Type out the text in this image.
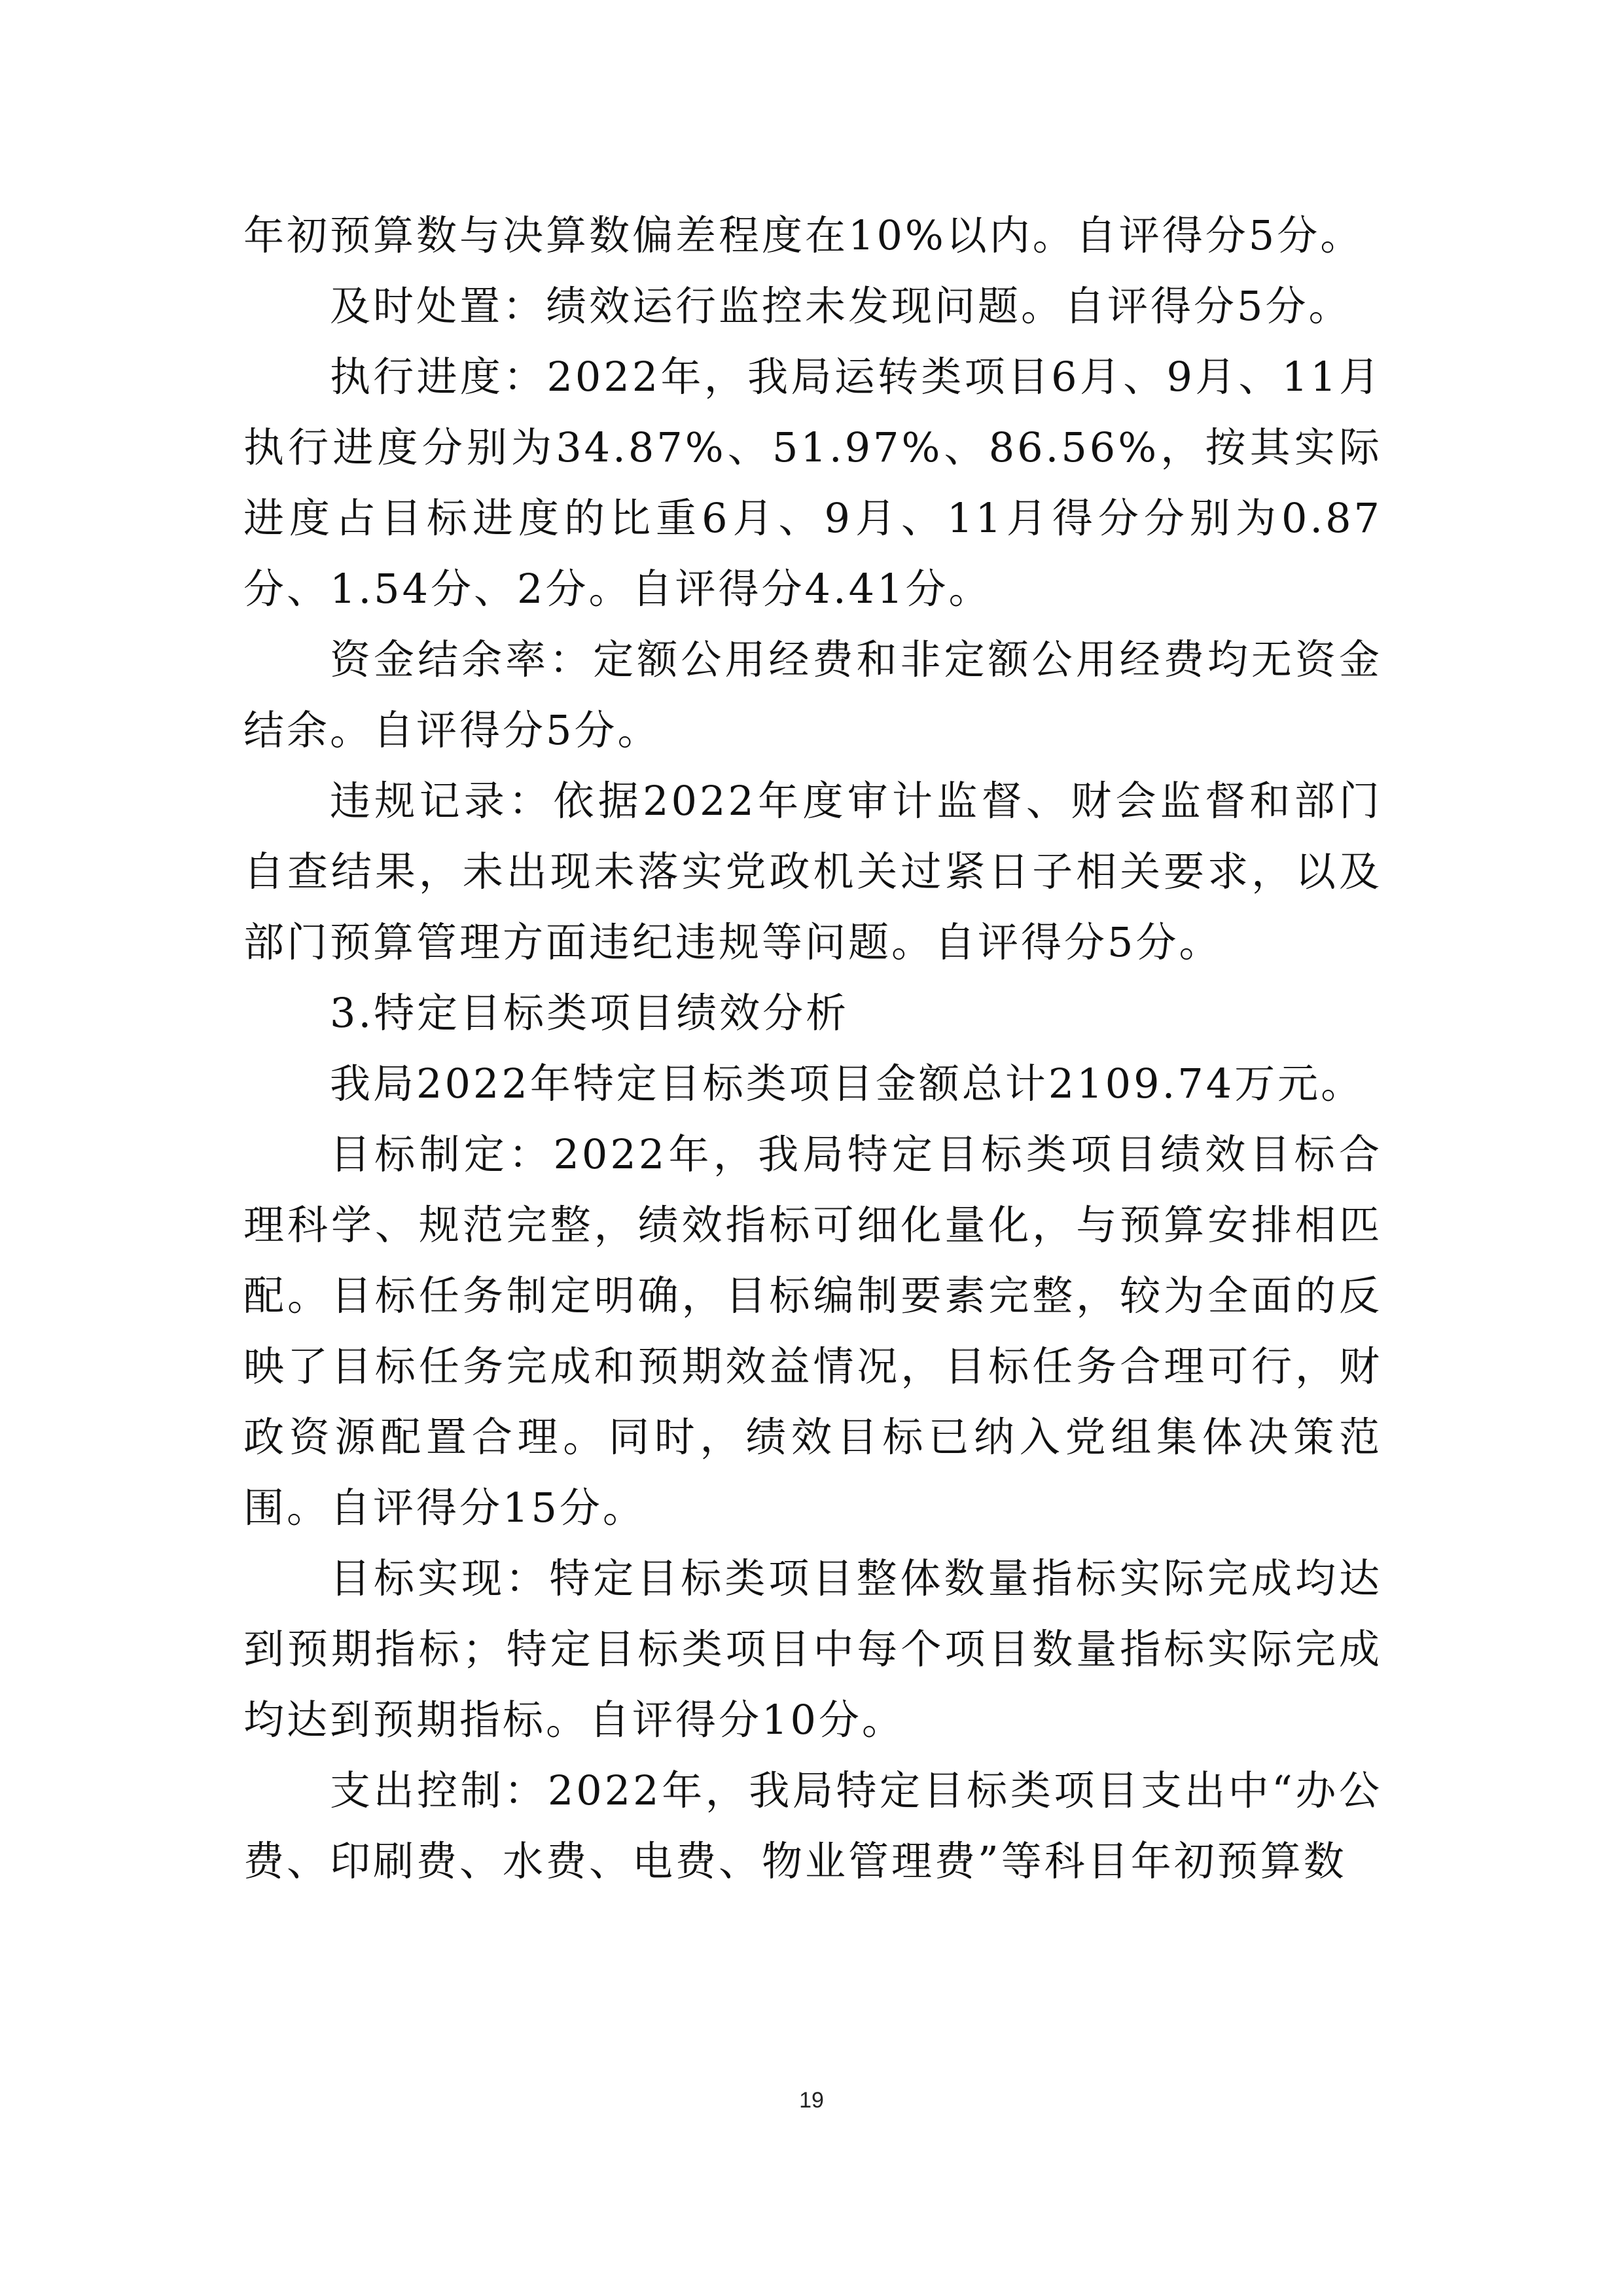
年初预算数与决算数偏差程度在10%以内。自评得分5分。

及时处置：绩效运行监控未发现问题。自评得分5分。

执行进度：2022年，我局运转类项目6月、9月、11月执行进度分别为34.87%、51.97%、86.56%，按其实际进度占目标进度的比重6月、9月、11月得分分别为0.87分、1.54分、2分。自评得分4.41分。

资金结余率：定额公用经费和非定额公用经费均无资金结余。自评得分5分。

违规记录：依据2022年度审计监督、财会监督和部门自查结果，未出现未落实党政机关过紧日子相关要求，以及部门预算管理方面违纪违规等问题。自评得分5分。

3.特定目标类项目绩效分析

我局2022年特定目标类项目金额总计2109.74万元。

目标制定：2022年，我局特定目标类项目绩效目标合理科学、规范完整，绩效指标可细化量化，与预算安排相匹配。目标任务制定明确，目标编制要素完整，较为全面的反映了目标任务完成和预期效益情况，目标任务合理可行，财政资源配置合理。同时，绩效目标已纳入党组集体决策范围。自评得分15分。

目标实现：特定目标类项目整体数量指标实际完成均达到预期指标；特定目标类项目中每个项目数量指标实际完成均达到预期指标。自评得分10分。

支出控制：2022年，我局特定目标类项目支出中“办公费、印刷费、水费、电费、物业管理费”等科目年初预算数

19
